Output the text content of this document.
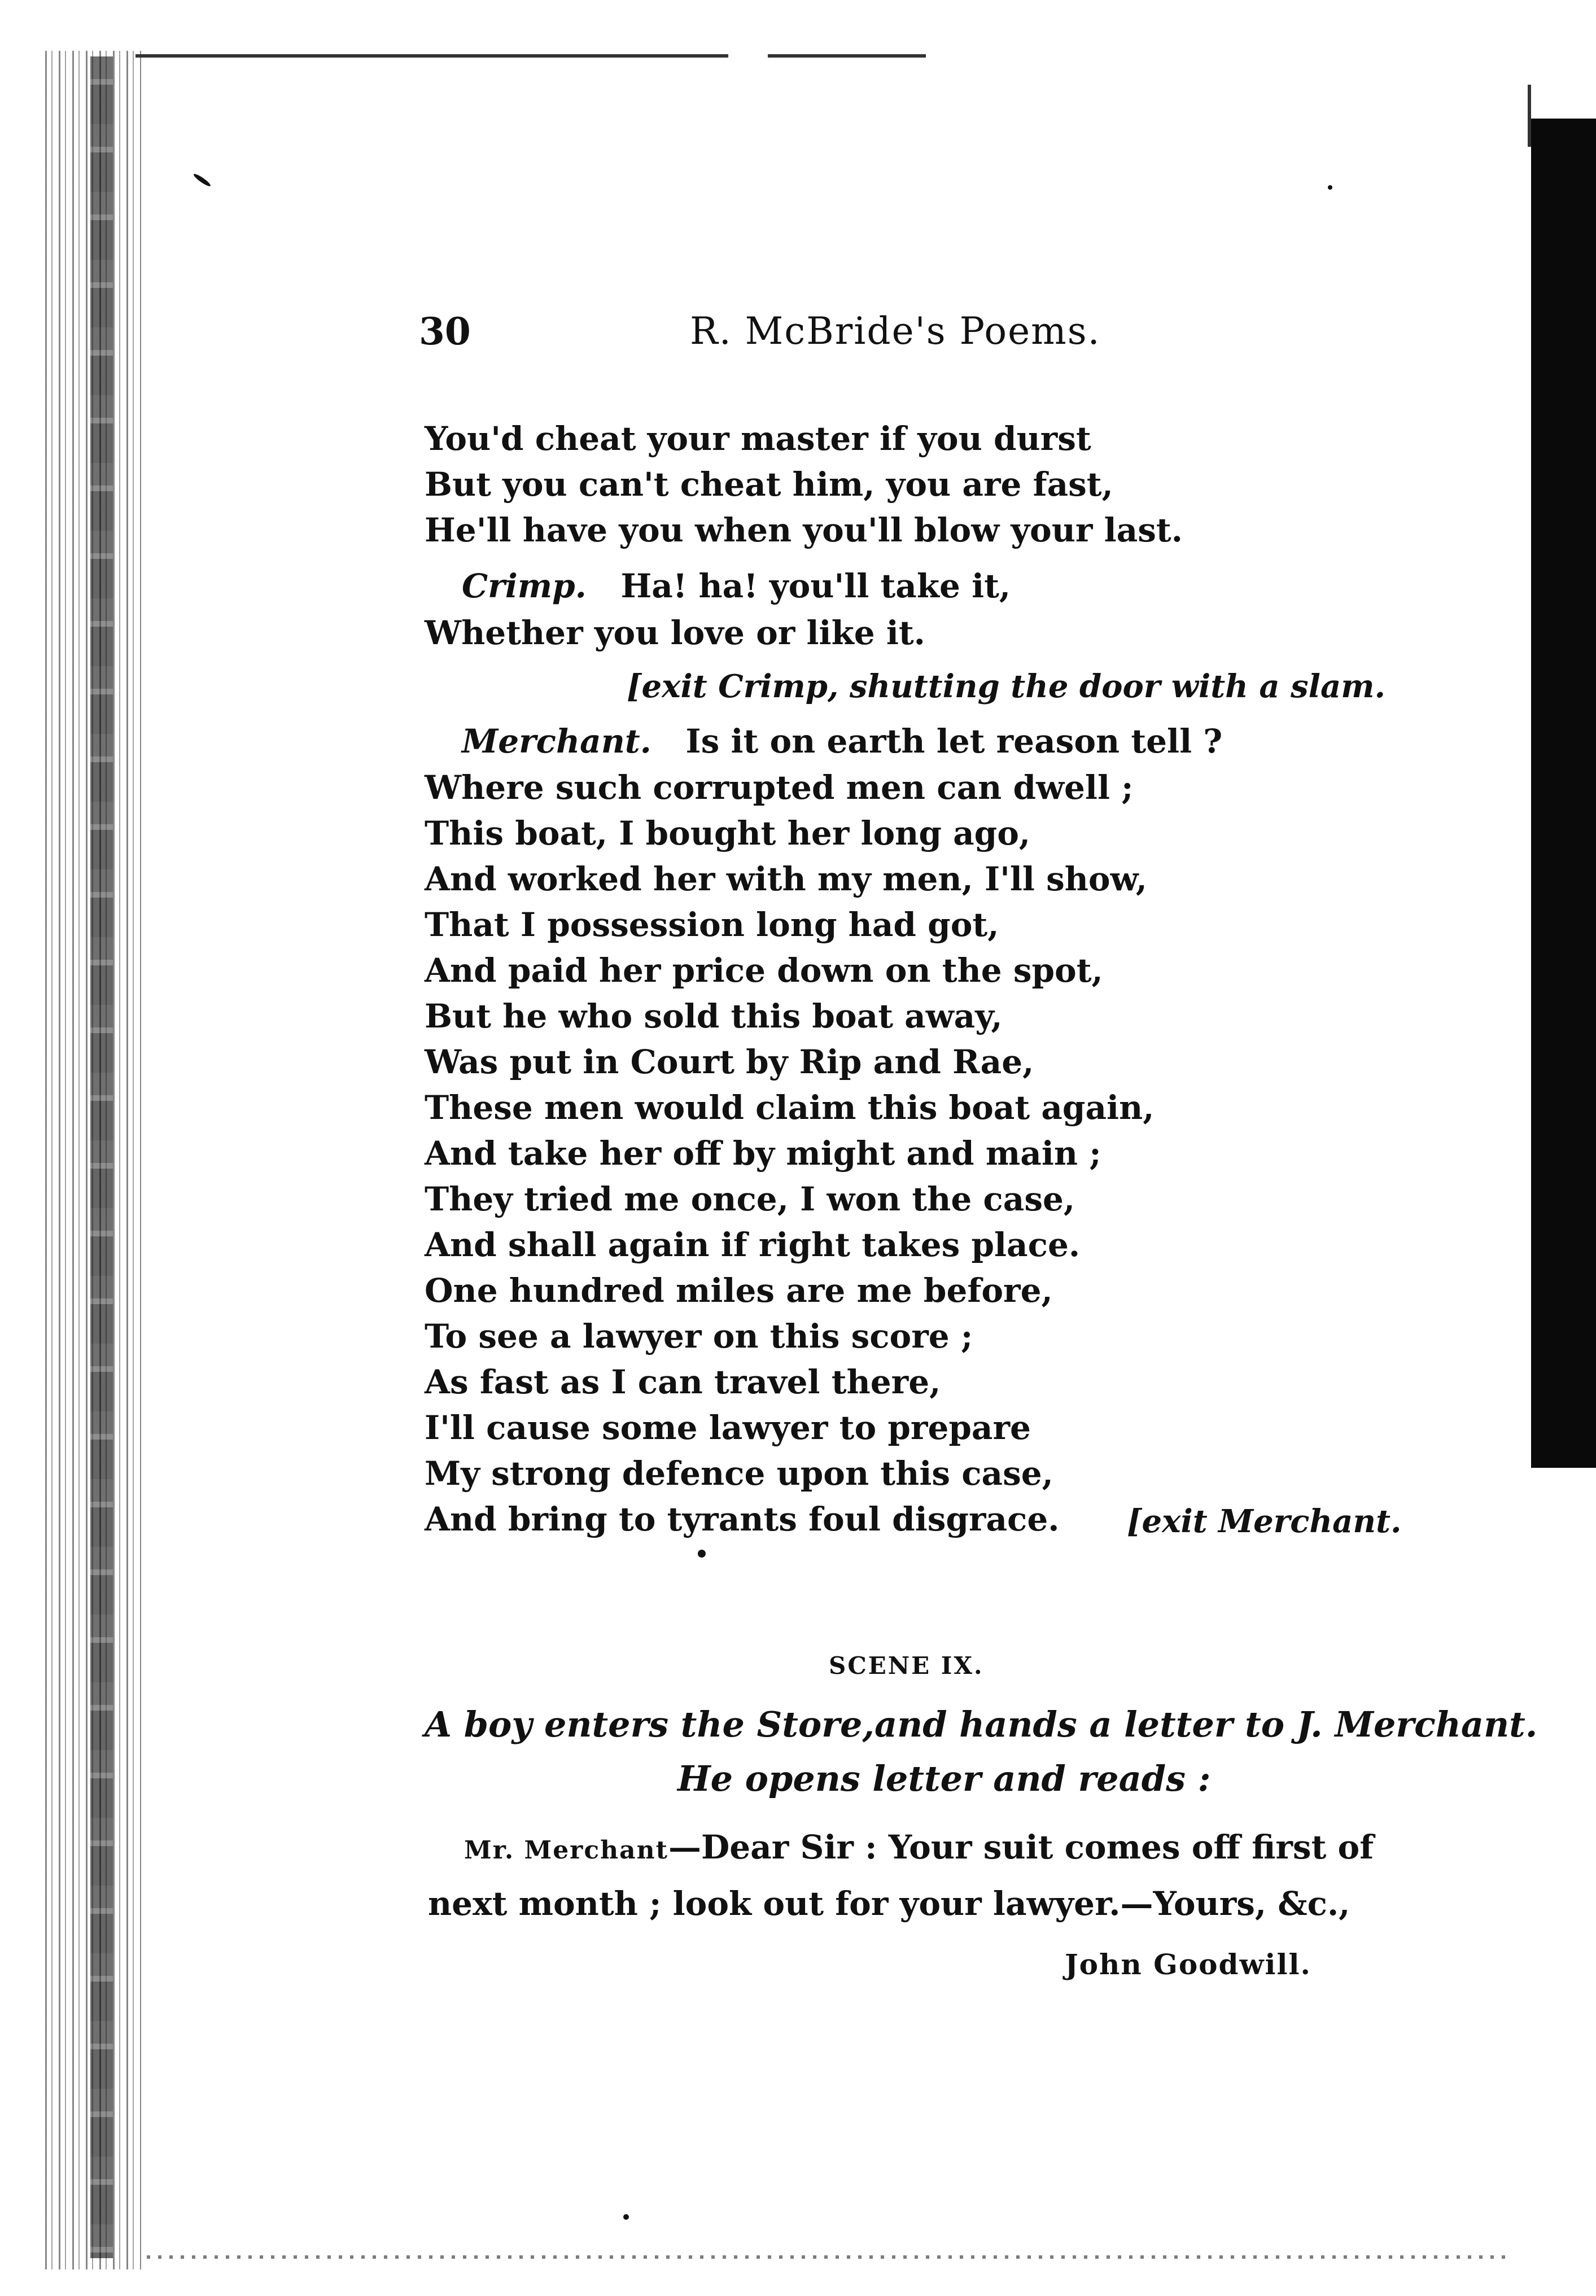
30	R. McBride's Poems.
You'd cheat your master if you durst
But you can't cheat him, you are fast,
He'll have you when you'll blow your last.
Crimp. Ha! ha! you'll take it,
Whether you love or like it.
[exit Crimp, shutting the door with a slam.
Merchant. Is it on earth let reason tell ?
Where such corrupted men can dwell ;
This boat, I bought her long ago,
And worked her with my men, I'll show,
That I possession long had got,
And paid her price down on the spot,
But he who sold this boat away,
Was put in Court by Rip and Rae,
These men would claim this boat again,
And take her off by might and main ;
They tried me once, I won the case,
And shall again if right takes place.
One hundred miles are me before,
To see a lawyer on this score ;
As fast as I can travel there,
I'll cause some lawyer to prepare
My strong defence upon this case,
And bring to tyrants foul disgrace. [exit Merchant.
SCENE IX.
A boy enters the Store,and hands a letter to J. Merchant.
He opens letter and reads :
Mr. Merchant—Dear Sir : Your suit comes off first of
next month ; look out for your lawyer.—Yours, &c.,
John Goodwill.
